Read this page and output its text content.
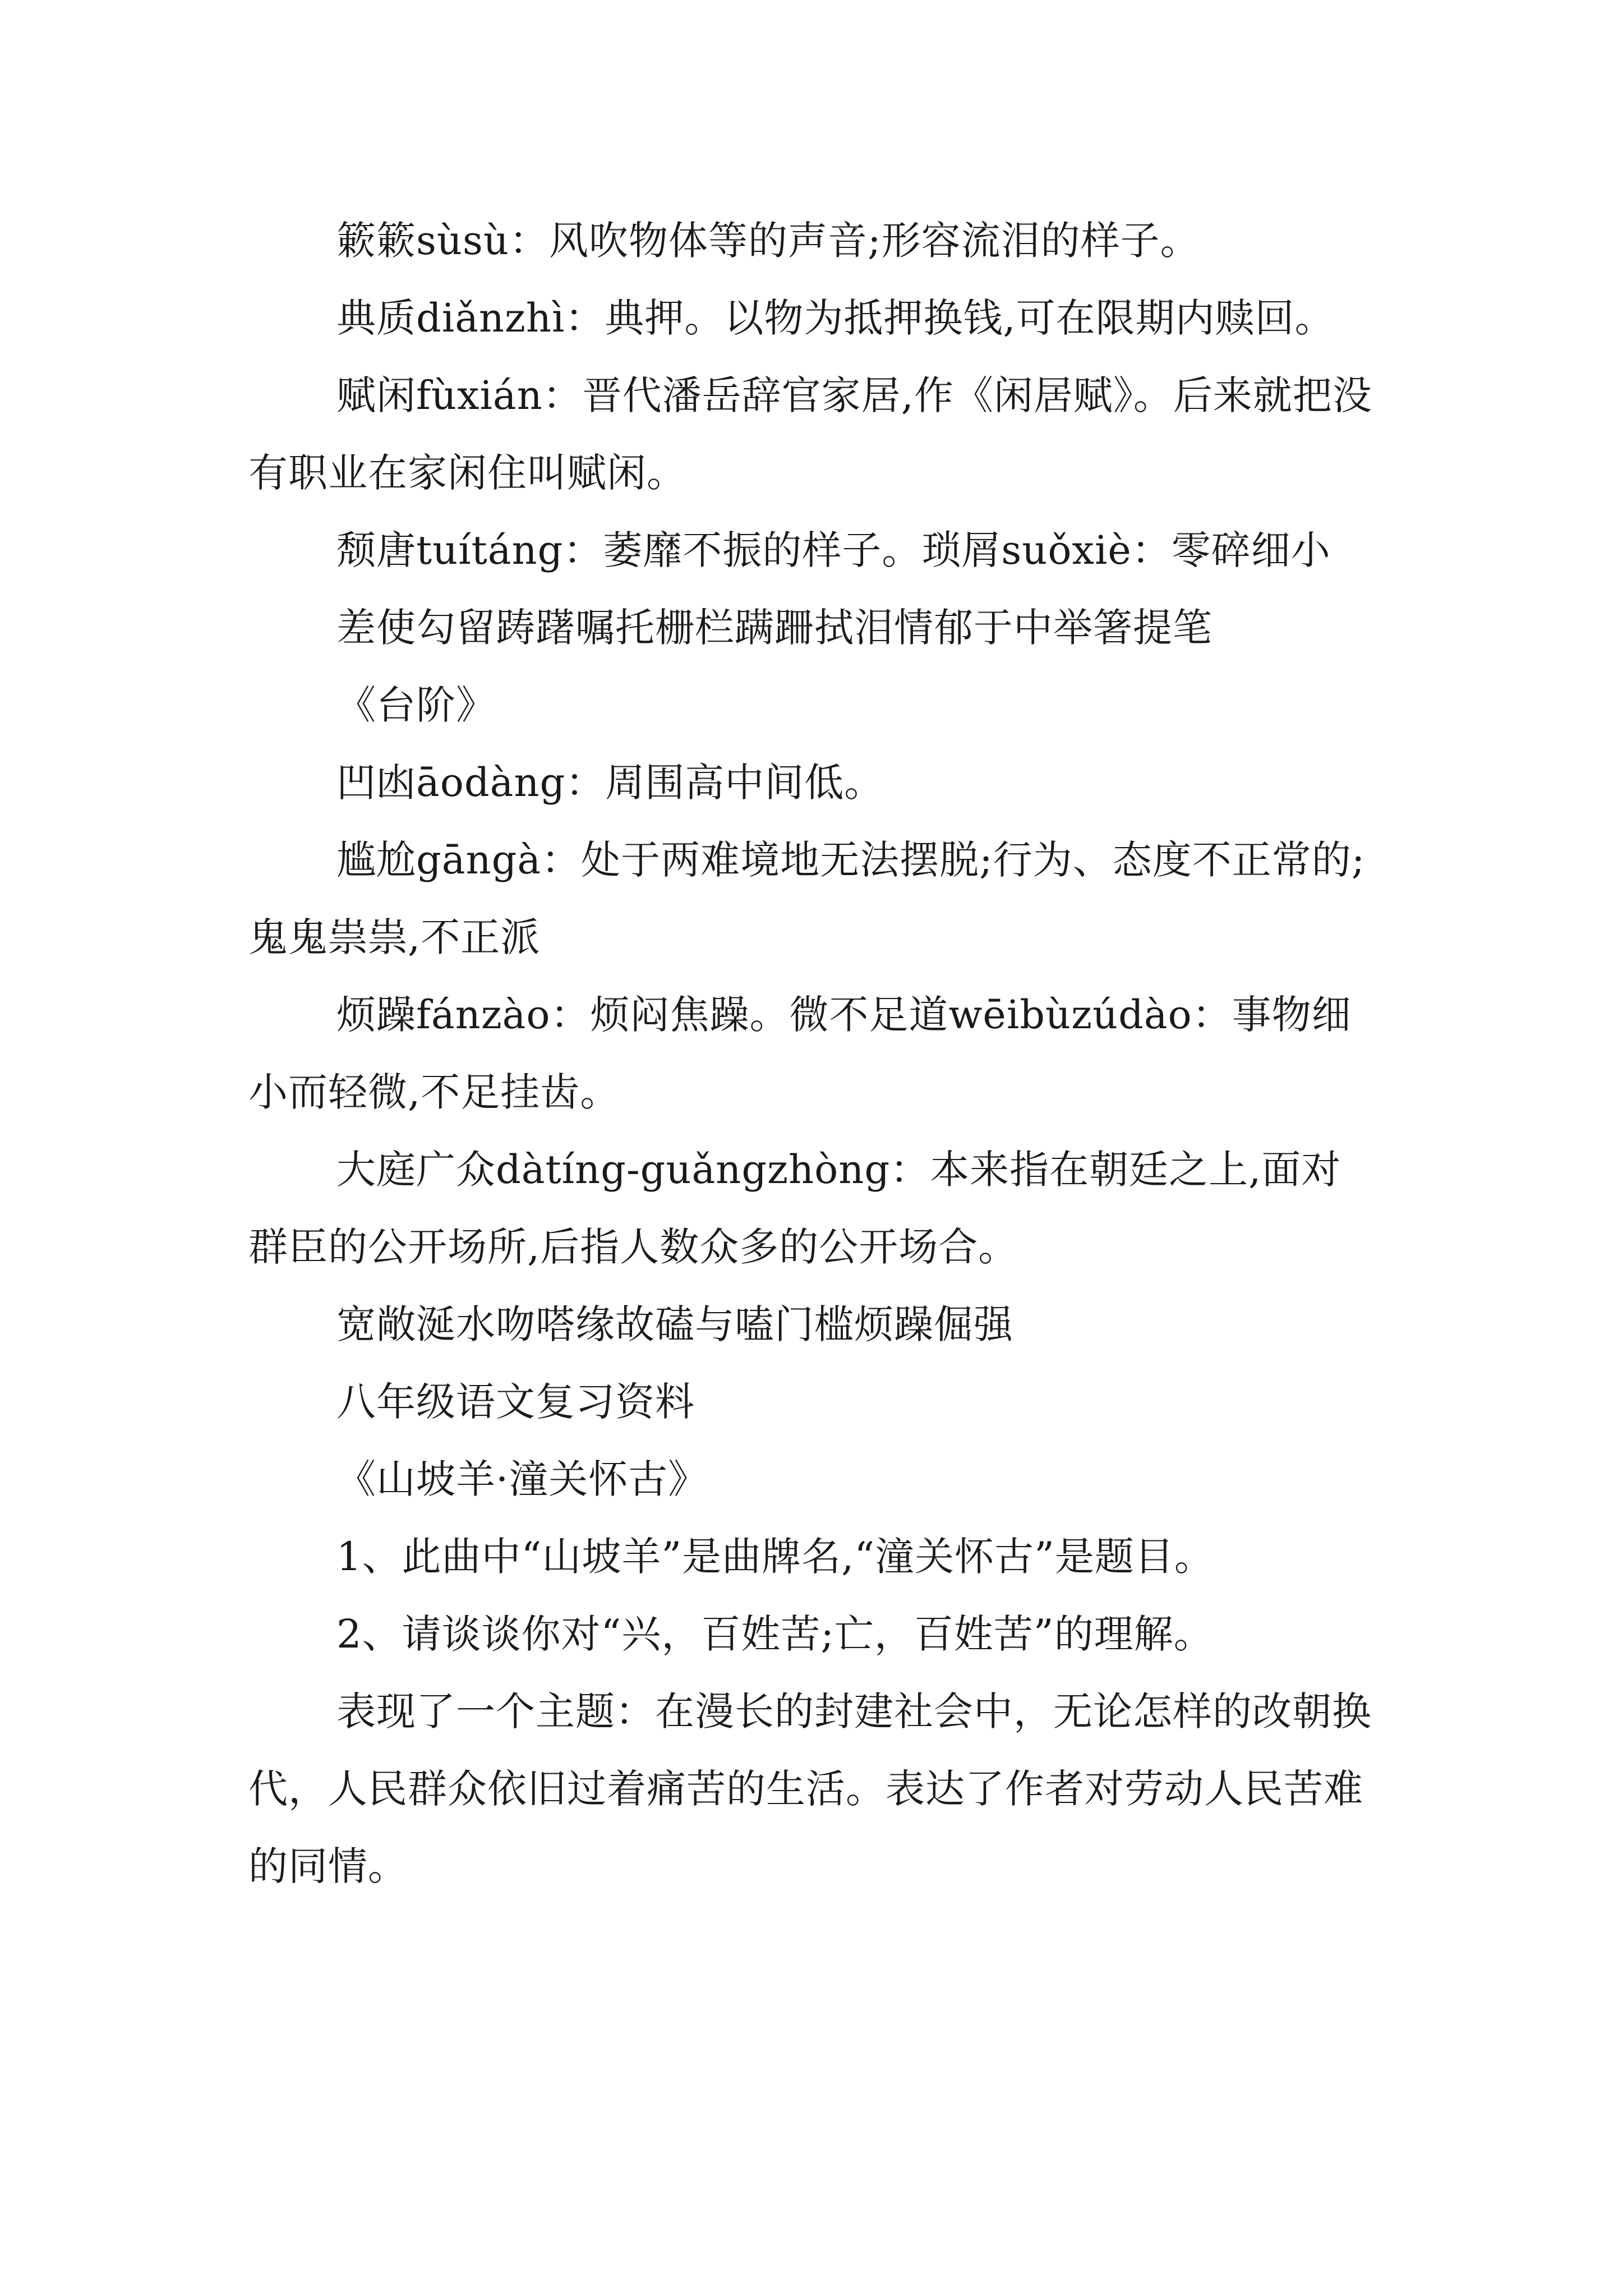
簌簌sùsù：风吹物体等的声音;形容流泪的样子。

典质diǎnzhì：典押。以物为抵押换钱,可在限期内赎回。

赋闲fùxián：晋代潘岳辞官家居,作《闲居赋》。后来就把没有职业在家闲住叫赋闲。

颓唐tuítáng：萎靡不振的样子。琐屑suǒxiè：零碎细小

差使勾留踌躇嘱托栅栏蹒跚拭泪情郁于中举箸提笔

《台阶》

凹凼āodàng：周围高中间低。

尴尬gāngà：处于两难境地无法摆脱;行为、态度不正常的;鬼鬼祟祟,不正派

烦躁fánzào：烦闷焦躁。微不足道wēibùzúdào：事物细小而轻微,不足挂齿。

大庭广众dàtíng-guǎngzhòng：本来指在朝廷之上,面对群臣的公开场所,后指人数众多的公开场合。

宽敞涎水吻嗒缘故磕与嗑门槛烦躁倔强

八年级语文复习资料

《山坡羊·潼关怀古》

1、此曲中“山坡羊”是曲牌名,“潼关怀古”是题目。

2、请谈谈你对“兴，百姓苦;亡，百姓苦”的理解。

表现了一个主题：在漫长的封建社会中，无论怎样的改朝换代，人民群众依旧过着痛苦的生活。表达了作者对劳动人民苦难的同情。
